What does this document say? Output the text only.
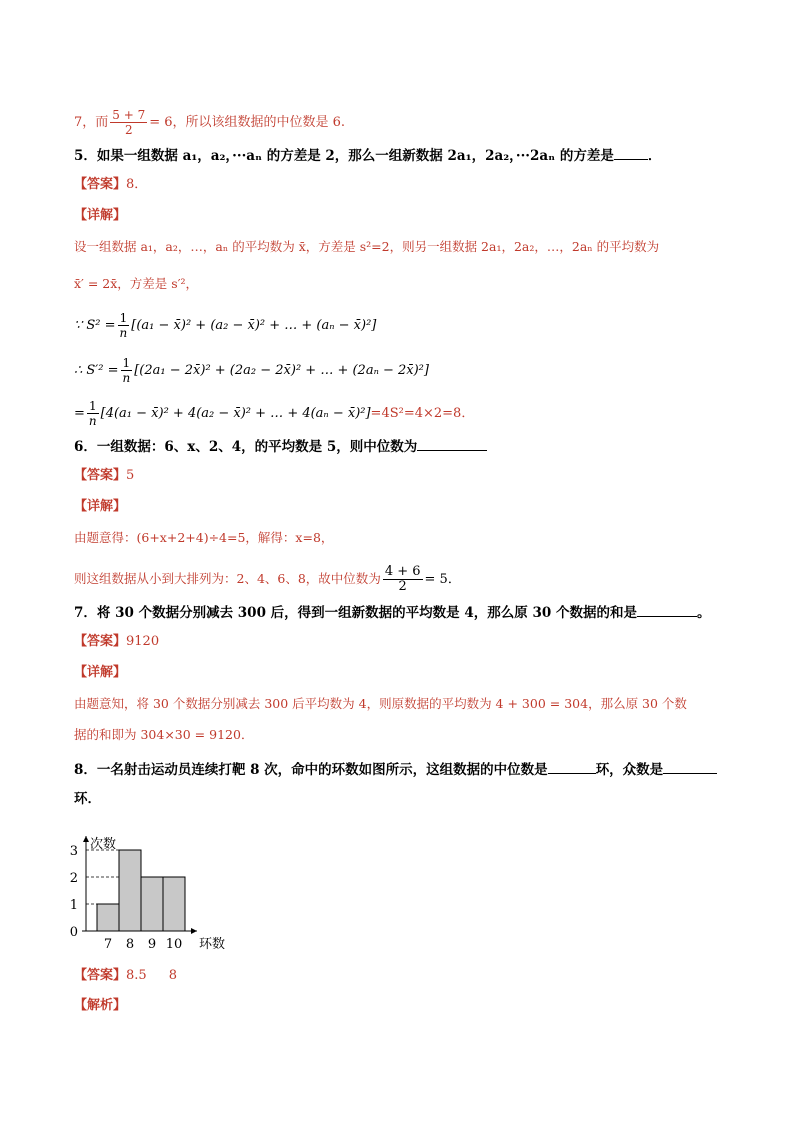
7，而 $\frac{5 + 7}{2} = 6$，所以该组数据的中位数是 6.
5．如果一组数据 a₁，a₂，···aₙ 的方差是 2，那么一组新数据 2a₁，2a₂，···2aₙ 的方差是	．
【答案】8．
【详解】
设一组数据 a₁，a₂，…，aₙ 的平均数为 x̄，方差是 s²=2，则另一组数据 2a₁，2a₂，…，2aₙ 的平均数为
x̄′ = 2x̄，方差是 s′²，
∵ $S^2 = \frac{1}{n} [(a_1$ − x̄)² + (a₂ − x̄)² + … + (aₙ − x̄)²]
∴ $S'^2 = \frac{1}{n} [(2a_1$ − 2x̄)² + (2a₂ − 2x̄)² + … + (2aₙ − 2x̄)²]
= $\frac{1}{n} [4(a_1$ − x̄)² + 4(a₂ − x̄)² + … + 4(aₙ − x̄)²]=4S²=4×2=8．
6．一组数据：6、x、2、4，的平均数是 5，则中位数为
【答案】5
【详解】
由题意得：(6+x+2+4)÷4=5，解得：x=8，
则这组数据从小到大排列为：2、4、6、8，故中位数为 $\frac{4 + 6}{2} = 5$．
7．将 30 个数据分别减去 300 后，得到一组新数据的平均数是 4，那么原 30 个数据的和是	。
【答案】9120
【详解】
由题意知，将 30 个数据分别减去 300 后平均数为 4，则原数据的平均数为 4 + 300 = 304，那么原 30 个数
据的和即为 304×30 = 9120．
8．一名射击运动员连续打靶 8 次，命中的环数如图所示，这组数据的中位数是	环，众数是
环．
0
1
2
3
7 8 9 10 环数
次数
【答案】8.5 8
【解析】
